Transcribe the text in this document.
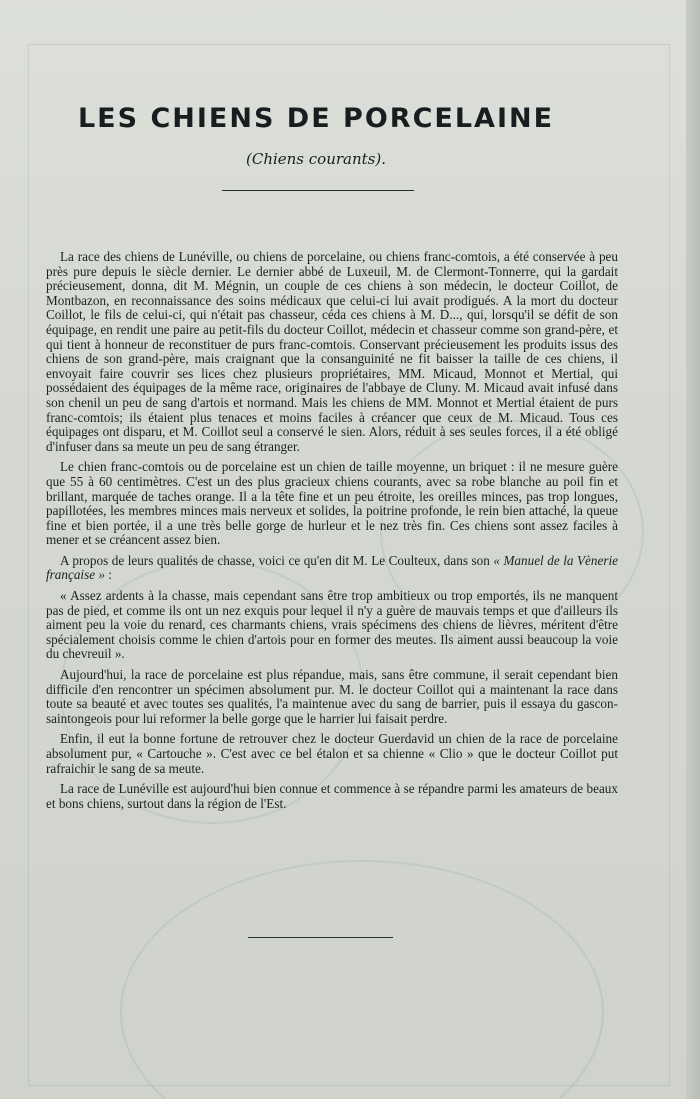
LES CHIENS DE PORCELAINE

(Chiens courants).

La race des chiens de Lunéville, ou chiens de porcelaine, ou chiens franc-comtois, a été conservée à peu près pure depuis le siècle dernier. Le dernier abbé de Luxeuil, M. de Clermont-Tonnerre, qui la gardait précieusement, donna, dit M. Mégnin, un couple de ces chiens à son médecin, le docteur Coillot, de Montbazon, en reconnaissance des soins médicaux que celui-ci lui avait prodigués. A la mort du docteur Coillot, le fils de celui-ci, qui n'était pas chasseur, céda ces chiens à M. D..., qui, lorsqu'il se défit de son équipage, en rendit une paire au petit-fils du docteur Coillot, médecin et chasseur comme son grand-père, et qui tient à honneur de reconstituer de purs franc-comtois. Conservant précieusement les produits issus des chiens de son grand-père, mais craignant que la consanguinité ne fit baisser la taille de ces chiens, il envoyait faire couvrir ses lices chez plusieurs propriétaires, MM. Micaud, Monnot et Mertial, qui possédaient des équipages de la même race, originaires de l'abbaye de Cluny. M. Micaud avait infusé dans son chenil un peu de sang d'artois et normand. Mais les chiens de MM. Monnot et Mertial étaient de purs franc-comtois; ils étaient plus tenaces et moins faciles à créancer que ceux de M. Micaud. Tous ces équipages ont disparu, et M. Coillot seul a conservé le sien. Alors, réduit à ses seules forces, il a été obligé d'infuser dans sa meute un peu de sang étranger.

Le chien franc-comtois ou de porcelaine est un chien de taille moyenne, un briquet : il ne mesure guère que 55 à 60 centimètres. C'est un des plus gracieux chiens courants, avec sa robe blanche au poil fin et brillant, marquée de taches orange. Il a la tête fine et un peu étroite, les oreilles minces, pas trop longues, papillotées, les membres minces mais nerveux et solides, la poitrine profonde, le rein bien attaché, la queue fine et bien portée, il a une très belle gorge de hurleur et le nez très fin. Ces chiens sont assez faciles à mener et se créancent assez bien.

A propos de leurs qualités de chasse, voici ce qu'en dit M. Le Coulteux, dans son « Manuel de la Vènerie française » :

« Assez ardents à la chasse, mais cependant sans être trop ambitieux ou trop emportés, ils ne manquent pas de pied, et comme ils ont un nez exquis pour lequel il n'y a guère de mauvais temps et que d'ailleurs ils aiment peu la voie du renard, ces charmants chiens, vrais spécimens des chiens de lièvres, méritent d'être spécialement choisis comme le chien d'artois pour en former des meutes. Ils aiment aussi beaucoup la voie du chevreuil ».

Aujourd'hui, la race de porcelaine est plus répandue, mais, sans être commune, il serait cependant bien difficile d'en rencontrer un spécimen absolument pur. M. le docteur Coillot qui a maintenant la race dans toute sa beauté et avec toutes ses qualités, l'a maintenue avec du sang de barrier, puis il essaya du gascon-saintongeois pour lui reformer la belle gorge que le harrier lui faisait perdre.

Enfin, il eut la bonne fortune de retrouver chez le docteur Guerdavid un chien de la race de porcelaine absolument pur, « Cartouche ». C'est avec ce bel étalon et sa chienne « Clio » que le docteur Coillot put rafraichir le sang de sa meute.

La race de Lunéville est aujourd'hui bien connue et commence à se répandre parmi les amateurs de beaux et bons chiens, surtout dans la région de l'Est.
